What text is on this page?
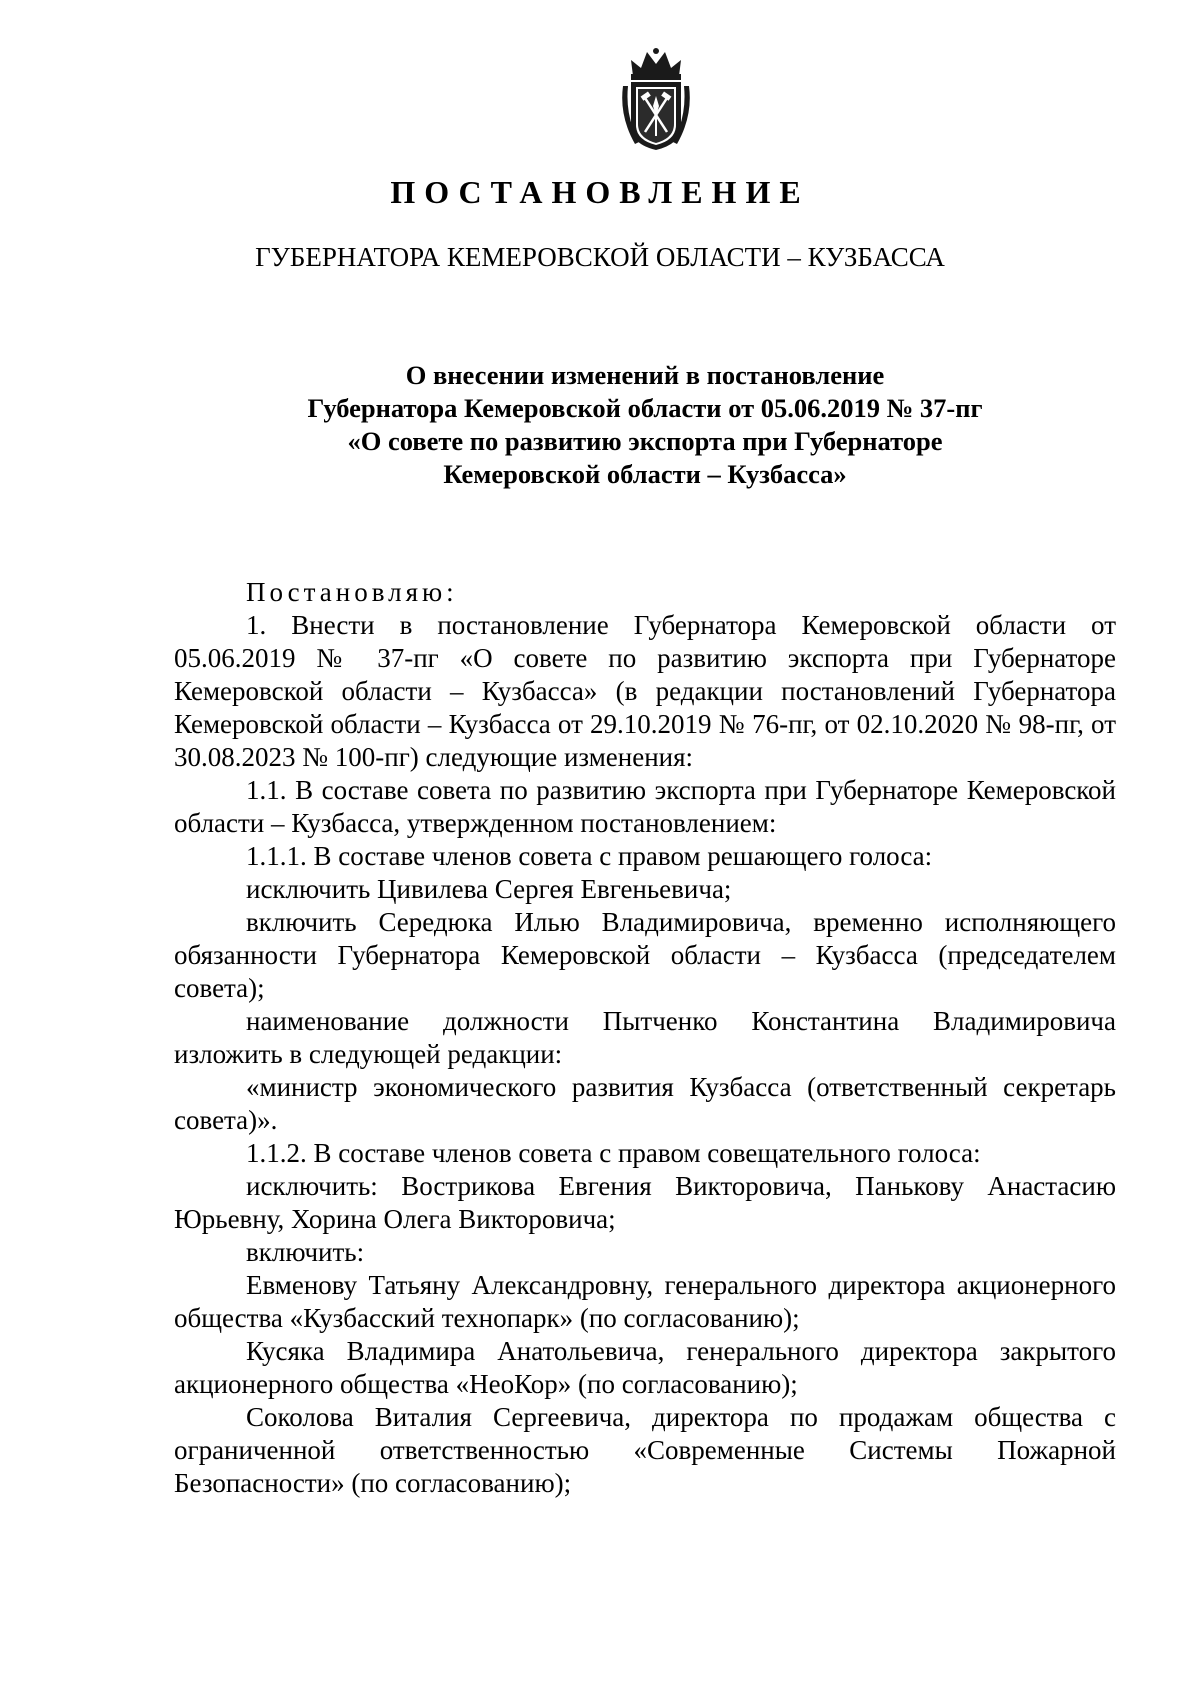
ПОСТАНОВЛЕНИЕ
ГУБЕРНАТОРА КЕМЕРОВСКОЙ ОБЛАСТИ – КУЗБАССА
О внесении изменений в постановление
Губернатора Кемеровской области от 05.06.2019 № 37-пг
«О совете по развитию экспорта при Губернаторе
Кемеровской области – Кузбасса»

Постановляю:

1. Внести в постановление Губернатора Кемеровской области от 05.06.2019 № 37-пг «О совете по развитию экспорта при Губернаторе Кемеровской области – Кузбасса» (в редакции постановлений Губернатора Кемеровской области – Кузбасса от 29.10.2019 № 76-пг, от 02.10.2020 № 98-пг, от 30.08.2023 № 100-пг) следующие изменения:

1.1. В составе совета по развитию экспорта при Губернаторе Кемеровской области – Кузбасса, утвержденном постановлением:

1.1.1. В составе членов совета с правом решающего голоса:

исключить Цивилева Сергея Евгеньевича;

включить Середюка Илью Владимировича, временно исполняющего обязанности Губернатора Кемеровской области – Кузбасса (председателем совета);

наименование должности Пытченко Константина Владимировича изложить в следующей редакции:

«министр экономического развития Кузбасса (ответственный секретарь совета)».

1.1.2. В составе членов совета с правом совещательного голоса:

исключить: Вострикова Евгения Викторовича, Панькову Анастасию Юрьевну, Хорина Олега Викторовича;

включить:

Евменову Татьяну Александровну, генерального директора акционерного общества «Кузбасский технопарк» (по согласованию);

Кусяка Владимира Анатольевича, генерального директора закрытого акционерного общества «НеоКор» (по согласованию);

Соколова Виталия Сергеевича, директора по продажам общества с ограниченной ответственностью «Современные Системы Пожарной Безопасности» (по согласованию);
